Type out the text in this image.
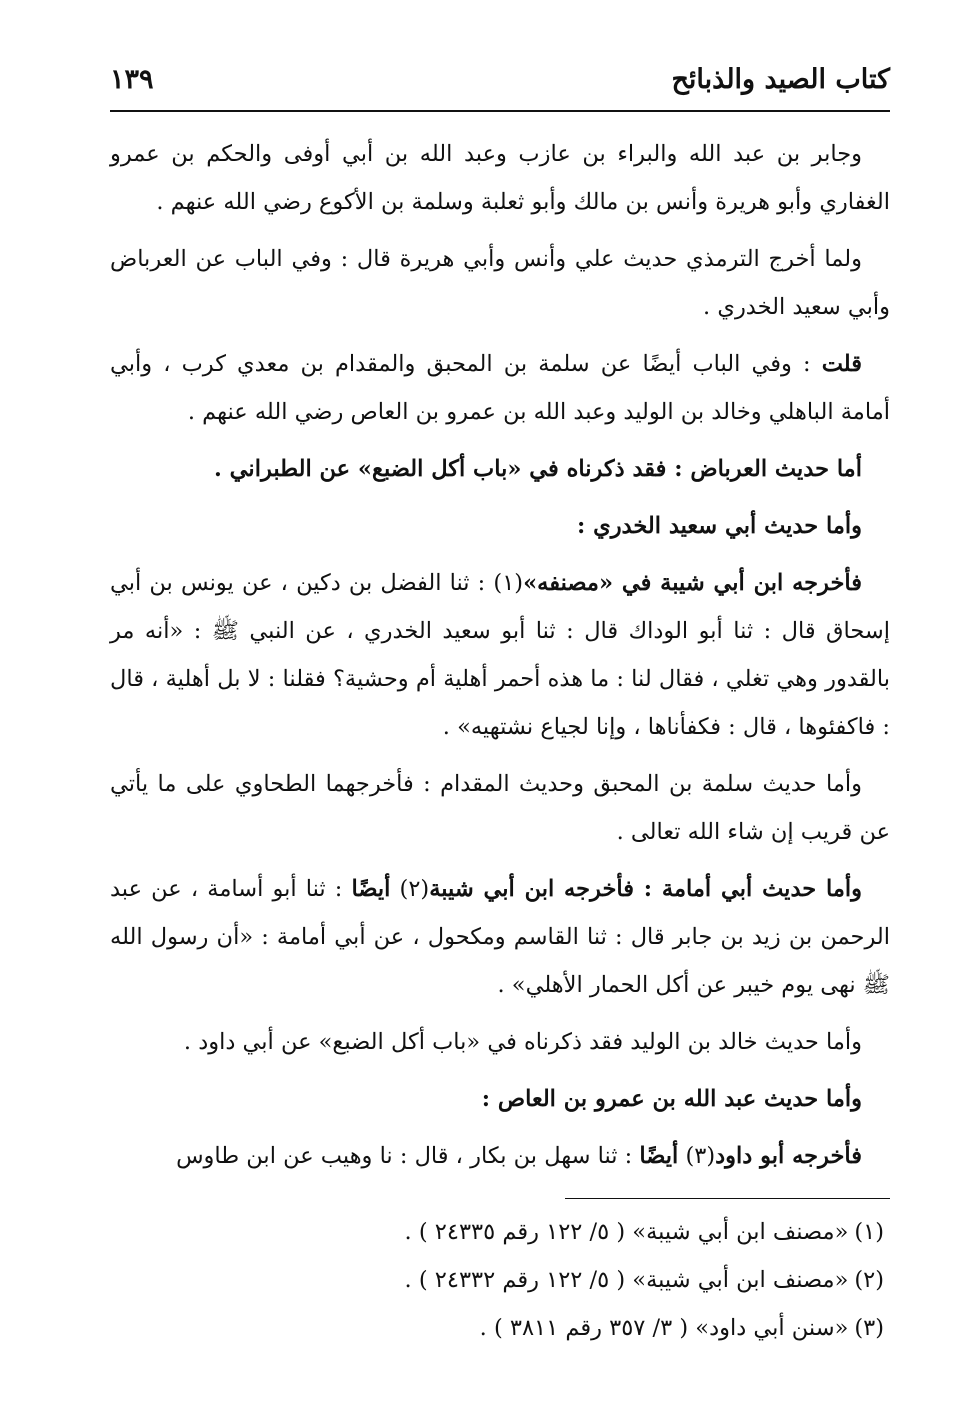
كتاب الصيد والذبائح
١٣٩

وجابر بن عبد الله والبراء بن عازب وعبد الله بن أبي أوفى والحكم بن عمرو الغفاري وأبو هريرة وأنس بن مالك وأبو ثعلبة وسلمة بن الأكوع رضي الله عنهم .

ولما أخرج الترمذي حديث علي وأنس وأبي هريرة قال : وفي الباب عن العرباض وأبي سعيد الخدري .

قلت : وفي الباب أيضًا عن سلمة بن المحبق والمقدام بن معدي كرب ، وأبي أمامة الباهلي وخالد بن الوليد وعبد الله بن عمرو بن العاص رضي الله عنهم .

أما حديث العرباض : فقد ذكرناه في «باب أكل الضبع» عن الطبراني .

وأما حديث أبي سعيد الخدري :

فأخرجه ابن أبي شيبة في «مصنفه»(١) : ثنا الفضل بن دكين ، عن يونس بن أبي إسحاق قال : ثنا أبو الوداك قال : ثنا أبو سعيد الخدري ، عن النبي ﷺ : «أنه مر بالقدور وهي تغلي ، فقال لنا : ما هذه أحمر أهلية أم وحشية؟ فقلنا : لا بل أهلية ، قال : فاكفئوها ، قال : فكفأناها ، وإنا لجياع نشتهيه» .

وأما حديث سلمة بن المحبق وحديث المقدام : فأخرجهما الطحاوي على ما يأتي عن قريب إن شاء الله تعالى .

وأما حديث أبي أمامة : فأخرجه ابن أبي شيبة(٢) أيضًا : ثنا أبو أسامة ، عن عبد الرحمن بن زيد بن جابر قال : ثنا القاسم ومكحول ، عن أبي أمامة : «أن رسول الله ﷺ نهى يوم خيبر عن أكل الحمار الأهلي» .

وأما حديث خالد بن الوليد فقد ذكرناه في «باب أكل الضبع» عن أبي داود .

وأما حديث عبد الله بن عمرو بن العاص :

فأخرجه أبو داود(٣) أيضًا : ثنا سهل بن بكار ، قال : نا وهيب عن ابن طاوس

(١)«مصنف ابن أبي شيبة» ( ٥/ ١٢٢ رقم ٢٤٣٣٥ ) .

(٢)«مصنف ابن أبي شيبة» ( ٥/ ١٢٢ رقم ٢٤٣٣٢ ) .

(٣)«سنن أبي داود» ( ٣/ ٣٥٧ رقم ٣٨١١ ) .
